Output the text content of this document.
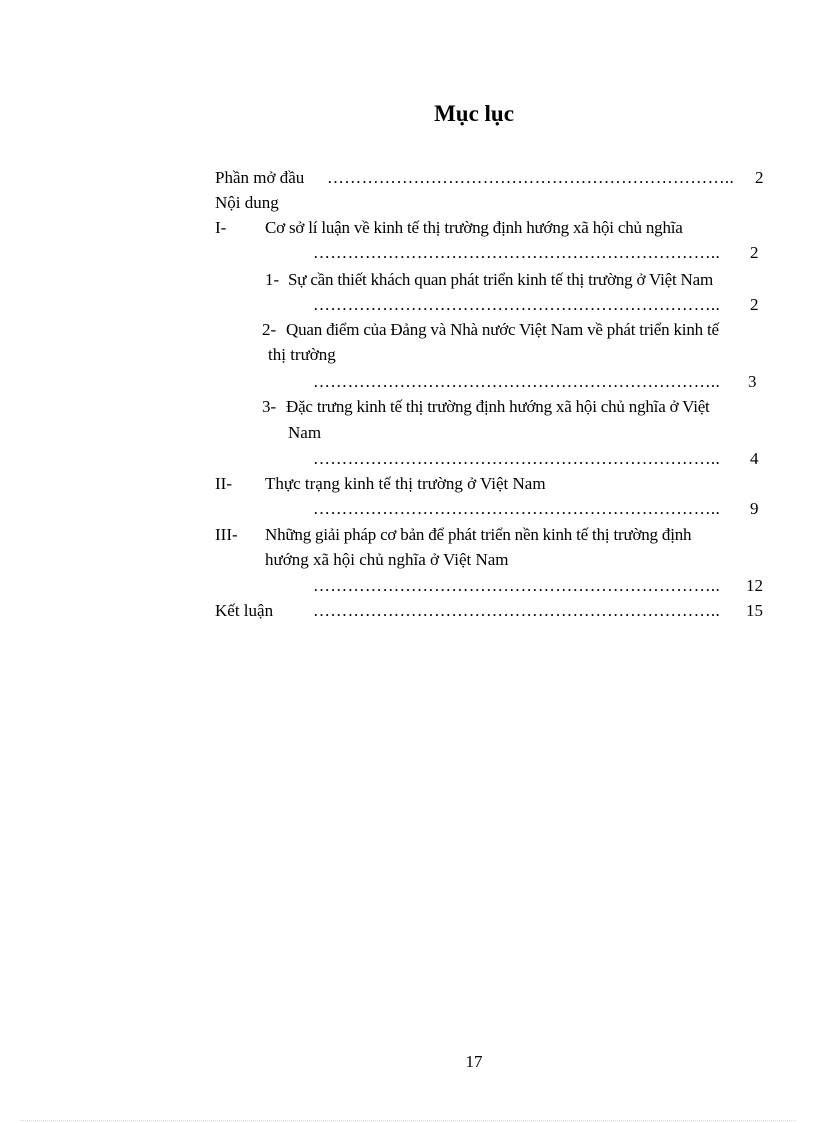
Mục lục
Phần mở đầu …………………………………………………………….. 2
Nội dung
I- Cơ sở lí luận về kinh tế thị trường định hướng xã hội chủ nghĩa
…………………………………………………………….. 2
1- Sự cần thiết khách quan phát triển kinh tế thị trường ở Việt Nam
…………………………………………………………….. 2
2- Quan điểm của Đảng và Nhà nước Việt Nam về phát triển kinh tế
thị trường
…………………………………………………………….. 3
3- Đặc trưng kinh tế thị trường định hướng xã hội chủ nghĩa ở Việt
Nam
…………………………………………………………….. 4
II- Thực trạng kinh tế thị trường ở Việt Nam
…………………………………………………………….. 9
III- Những giải pháp cơ bản để phát triển nền kinh tế thị trường định
hướng xã hội chủ nghĩa ở Việt Nam
…………………………………………………………….. 12
Kết luận …………………………………………………………….. 15
17
